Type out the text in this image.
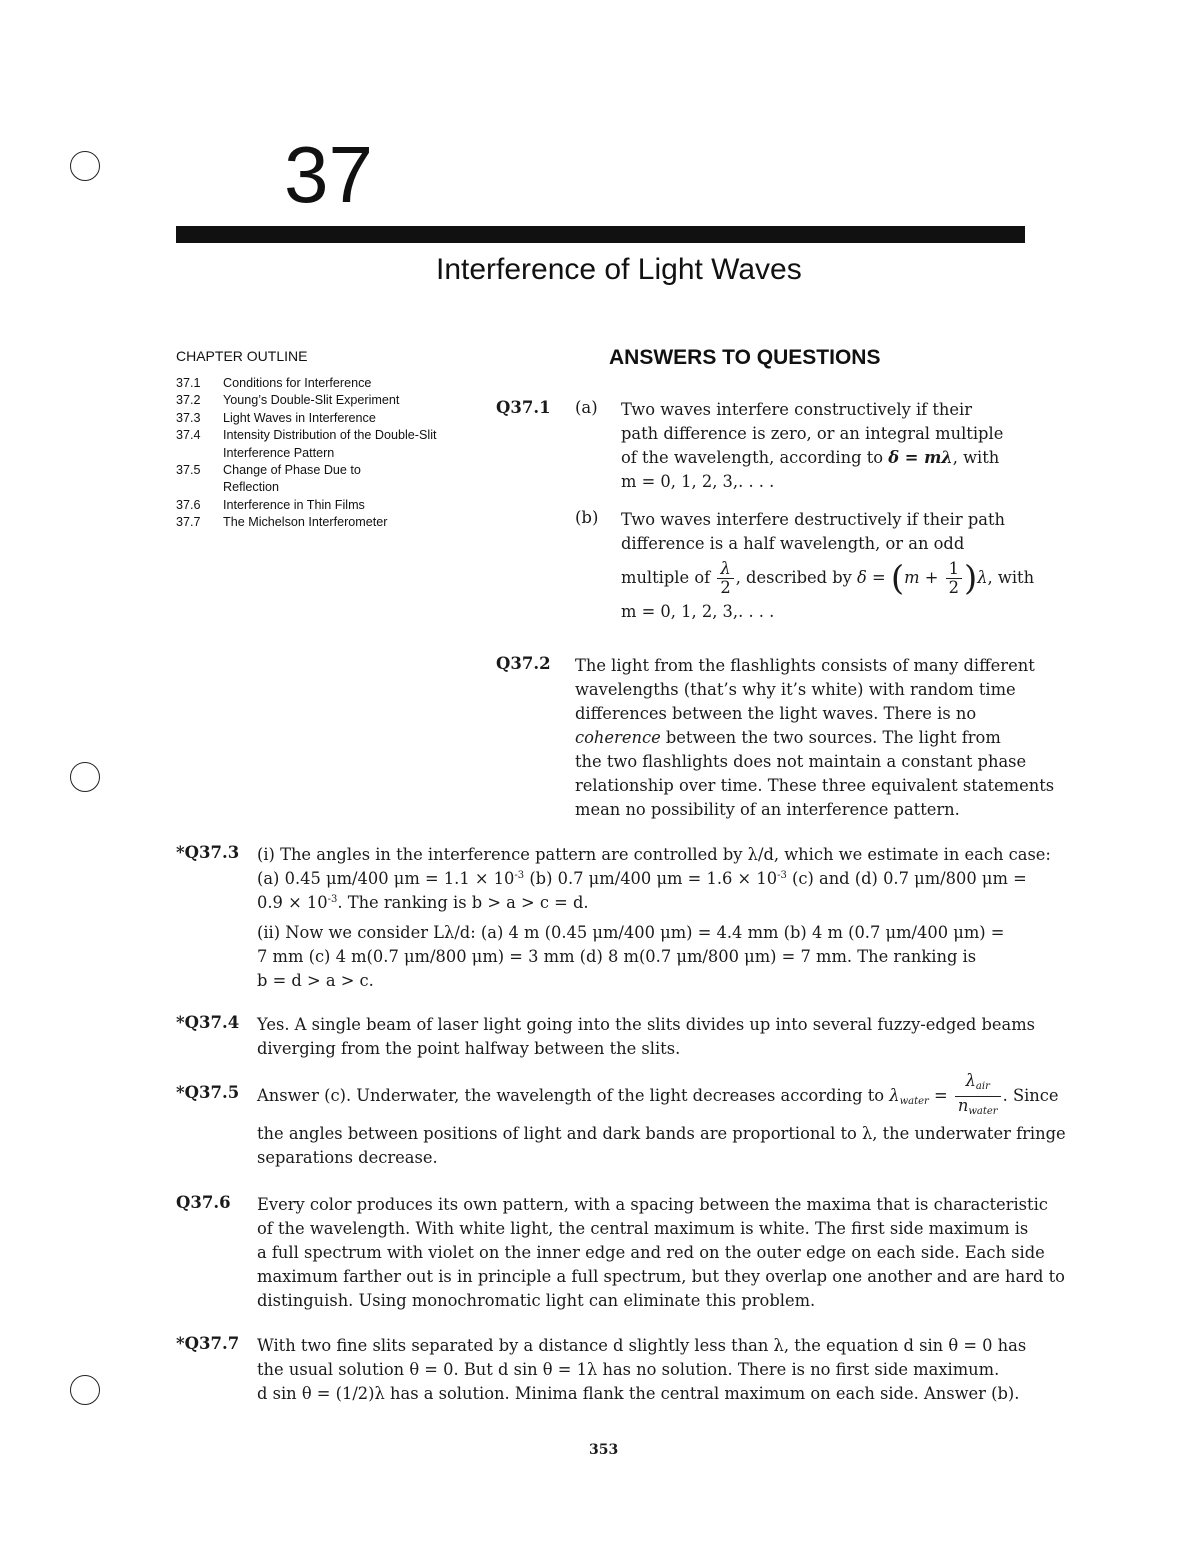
37
Interference of Light Waves
CHAPTER OUTLINE
37.1	Conditions for Interference
37.2	Young’s Double-Slit Experiment
37.3	Light Waves in Interference
37.4	Intensity Distribution of the Double-Slit Interference Pattern
37.5	Change of Phase Due to Reflection
37.6	Interference in Thin Films
37.7	The Michelson Interferometer
ANSWERS TO QUESTIONS
Q37.1 (a) Two waves interfere constructively if their
path difference is zero, or an integral multiple
of the wavelength, according to δ = mλ, with
m = 0, 1, 2, 3,. . . .
(b) Two waves interfere destructively if their path
difference is a half wavelength, or an odd
multiple of $\frac{\lambda}{2}$ , described by $\delta = (m + \frac{1}{2} )\lambda$, with
m = 0, 1, 2, 3,. . . .
Q37.2 The light from the flashlights consists of many different
wavelengths (that’s why it’s white) with random time
differences between the light waves. There is no
coherence between the two sources. The light from
the two flashlights does not maintain a constant phase
relationship over time. These three equivalent statements
mean no possibility of an interference pattern.
*Q37.3 (i) The angles in the interference pattern are controlled by λ/d, which we estimate in each case:
(a) 0.45 μm/400 $\mu m = 1.1 \times 10^{-3}$ (b) 0.7 μm/400 $\mu m = 1.6 \times 10^{-3}$ (c) and (d) 0.7 μm/800 μm =
$0.9 \times 10^{-3}$. The ranking is b > a > c = d.
(ii) Now we consider Lλ/d: (a) 4 m (0.45 μm/400 μm) = 4.4 mm (b) 4 m (0.7 μm/400 μm) =
7 mm (c) 4 m(0.7 μm/800 μm) = 3 mm (d) 8 m(0.7 μm/800 μm) = 7 mm. The ranking is
b = d > a > c.
*Q37.4 Yes. A single beam of laser light going into the slits divides up into several fuzzy-edged beams
diverging from the point halfway between the slits.
*Q37.5 Answer (c). Underwater, the wavelength of the light decreases according to $\lambda_{water} = \frac{\lambda_{air}}{n_{water}}$ . Since
the angles between positions of light and dark bands are proportional to λ, the underwater fringe
separations decrease.
Q37.6 Every color produces its own pattern, with a spacing between the maxima that is characteristic
of the wavelength. With white light, the central maximum is white. The first side maximum is
a full spectrum with violet on the inner edge and red on the outer edge on each side. Each side
maximum farther out is in principle a full spectrum, but they overlap one another and are hard to
distinguish. Using monochromatic light can eliminate this problem.
*Q37.7 With two fine slits separated by a distance d slightly less than λ, the equation d sin θ = 0 has
the usual solution θ = 0. But d sin θ = 1λ has no solution. There is no first side maximum.
d sin θ = (1/2)λ has a solution. Minima flank the central maximum on each side. Answer (b).
353
